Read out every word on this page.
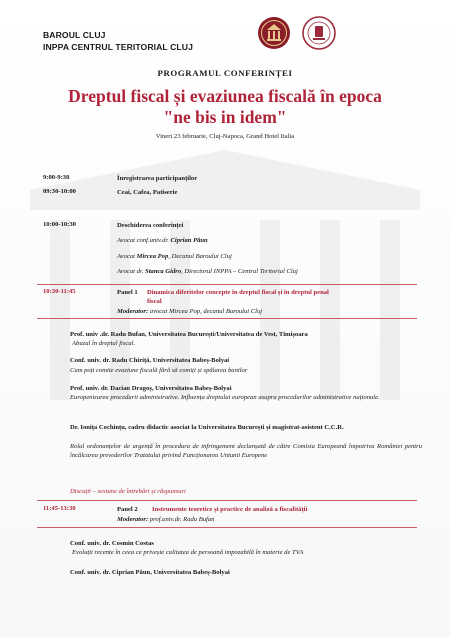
BAROUL CLUJ
INPPA CENTRUL TERITORIAL CLUJ
PROGRAMUL CONFERINȚEI
Dreptul fiscal și evaziunea fiscală în epoca
"ne bis in idem"
Vineri 23 februarie, Cluj-Napoca, Grand Hotel Italia
9:00-9:30	Înregistrarea participanților
09:30-10:00	Ceai, Cafea, Patiserie
10:00-10:30	Deschiderea conferinței
Avocat conf.univ.dr. Ciprian Păun
Avocat Mircea Pop, Decanul Baroului Cluj
Avocat dr. Stanca Gidro, Directorul INPPA – Centrul Teritorial Cluj
10:30-11:45	Panel 1 Dinamica diferitelor concepte în dreptul fiscal și în dreptul penal
fiscal
Moderator: avocat Mircea Pop, decanul Baroului Cluj
Prof. univ .dr. Radu Bufan, Universitatea București/Universitatea de Vest, Timișoara
Abuzul în dreptul fiscal.
Conf. univ. dr. Radu Chiriță, Universitatea Babeș-Bolyai
Cum poți comite evaziune fiscală fără să comiți și spălarea banilor
Prof. univ. dr. Dacian Dragoș, Universitatea Babeș-Bolyai
Europenizarea procedurii administrative. Influența dreptului european asupra procedurilor administrative naționale.
Dr. Ionița Cochințu, cadru didactic asociat la Universitatea București și magistrat-asistent C.C.R.
Rolul ordonanțelor de urgență în procedura de infringement declanșată de către Comisia Europeană împotriva României pentru încălcarea prevederilor Tratatului privind Funcționarea Uniunii Europene
Discuții – sesiune de întrebări și răspunsuri
11:45-13:30	Panel 2 Instrumente teoretice și practice de analiză a fiscalității
Moderator: prof.univ.dr. Radu Bufan
Conf. univ. dr. Cosmin Costas
Evoluții recente în ceea ce privește calitatea de persoană impozabilă în materie de TVA
Conf. univ. dr. Ciprian Păun, Universitatea Babeș-Bolyai
